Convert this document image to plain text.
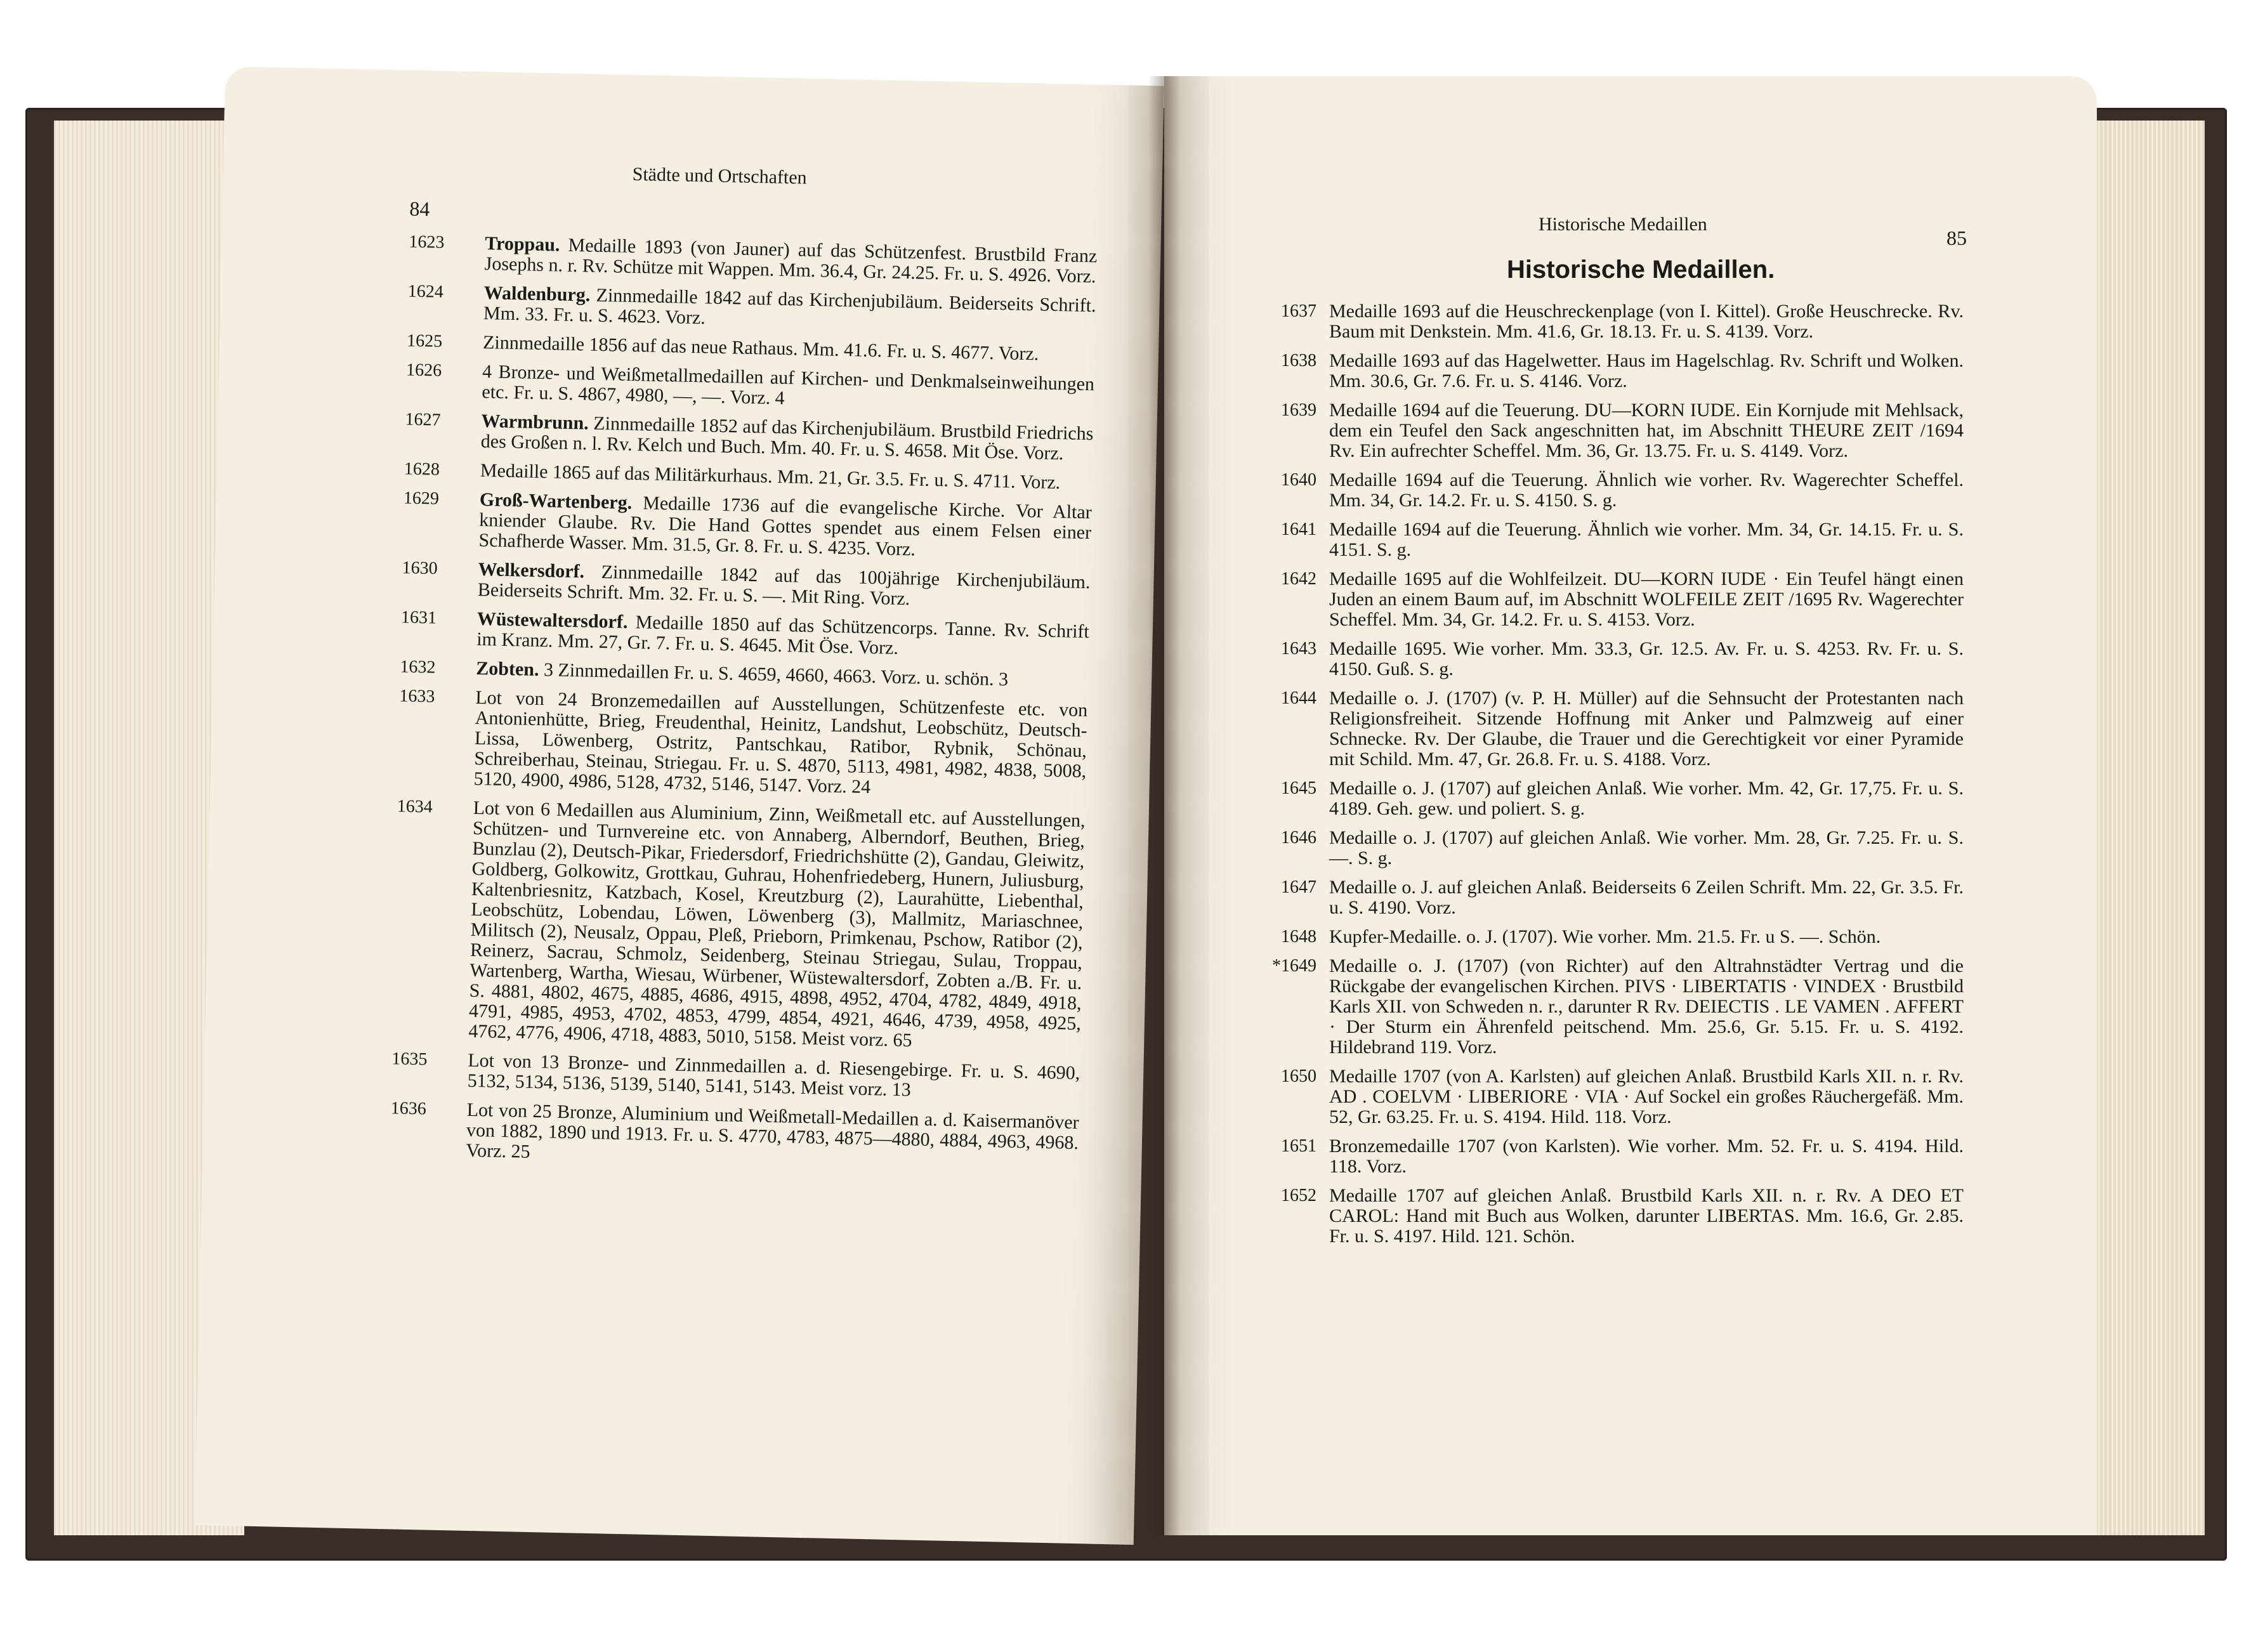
84
Städte und Ortschaften
1623	Troppau. Medaille 1893 (von Jauner) auf das Schützenfest. Brustbild Franz Josephs n. r. Rv. Schütze mit Wappen. Mm. 36.4, Gr. 24.25. Fr. u. S. 4926. Vorz.
1624	Waldenburg. Zinnmedaille 1842 auf das Kirchenjubiläum. Beiderseits Schrift. Mm. 33. Fr. u. S. 4623. Vorz.
1625	Zinnmedaille 1856 auf das neue Rathaus. Mm. 41.6. Fr. u. S. 4677. Vorz.
1626	4 Bronze- und Weißmetallmedaillen auf Kirchen- und Denkmalseinweihungen etc. Fr. u. S. 4867, 4980, —, —. Vorz. 4
1627	Warmbrunn. Zinnmedaille 1852 auf das Kirchenjubiläum. Brustbild Friedrichs des Großen n. l. Rv. Kelch und Buch. Mm. 40. Fr. u. S. 4658. Mit Öse. Vorz.
1628	Medaille 1865 auf das Militärkurhaus. Mm. 21, Gr. 3.5. Fr. u. S. 4711. Vorz.
1629	Groß-Wartenberg. Medaille 1736 auf die evangelische Kirche. Vor Altar kniender Glaube. Rv. Die Hand Gottes spendet aus einem Felsen einer Schafherde Wasser. Mm. 31.5, Gr. 8. Fr. u. S. 4235. Vorz.
1630	Welkersdorf. Zinnmedaille 1842 auf das 100jährige Kirchenjubiläum. Beiderseits Schrift. Mm. 32. Fr. u. S. —. Mit Ring. Vorz.
1631	Wüstewaltersdorf. Medaille 1850 auf das Schützencorps. Tanne. Rv. Schrift im Kranz. Mm. 27, Gr. 7. Fr. u. S. 4645. Mit Öse. Vorz.
1632	Zobten. 3 Zinnmedaillen Fr. u. S. 4659, 4660, 4663. Vorz. u. schön. 3
1633	Lot von 24 Bronzemedaillen auf Ausstellungen, Schützenfeste etc. von Antonienhütte, Brieg, Freudenthal, Heinitz, Landshut, Leobschütz, Deutsch-Lissa, Löwenberg, Ostritz, Pantschkau, Ratibor, Rybnik, Schönau, Schreiberhau, Steinau, Striegau. Fr. u. S. 4870, 5113, 4981, 4982, 4838, 5008, 5120, 4900, 4986, 5128, 4732, 5146, 5147. Vorz. 24
1634	Lot von 6 Medaillen aus Aluminium, Zinn, Weißmetall etc. auf Ausstellungen, Schützen- und Turnvereine etc. von Annaberg, Alberndorf, Beuthen, Brieg, Bunzlau (2), Deutsch-Pikar, Friedersdorf, Friedrichshütte (2), Gandau, Gleiwitz, Goldberg, Golkowitz, Grottkau, Guhrau, Hohenfriedeberg, Hunern, Juliusburg, Kaltenbriesnitz, Katzbach, Kosel, Kreutzburg (2), Laurahütte, Liebenthal, Leobschütz, Lobendau, Löwen, Löwenberg (3), Mallmitz, Mariaschnee, Militsch (2), Neusalz, Oppau, Pleß, Prieborn, Primkenau, Pschow, Ratibor (2), Reinerz, Sacrau, Schmolz, Seidenberg, Steinau Striegau, Sulau, Troppau, Wartenberg, Wartha, Wiesau, Würbener, Wüstewaltersdorf, Zobten a./B. Fr. u. S. 4881, 4802, 4675, 4885, 4686, 4915, 4898, 4952, 4704, 4782, 4849, 4918, 4791, 4985, 4953, 4702, 4853, 4799, 4854, 4921, 4646, 4739, 4958, 4925, 4762, 4776, 4906, 4718, 4883, 5010, 5158. Meist vorz. 65
1635	Lot von 13 Bronze- und Zinnmedaillen a. d. Riesengebirge. Fr. u. S. 4690, 5132, 5134, 5136, 5139, 5140, 5141, 5143. Meist vorz. 13
1636	Lot von 25 Bronze, Aluminium und Weißmetall-Medaillen a. d. Kaisermanöver von 1882, 1890 und 1913. Fr. u. S. 4770, 4783, 4875—4880, 4884, 4963, 4968. Vorz. 25
Historische Medaillen
85
Historische Medaillen.
1637 Medaille 1693 auf die Heuschreckenplage (von I. Kittel). Große Heuschrecke. Rv. Baum mit Denkstein. Mm. 41.6, Gr. 18.13. Fr. u. S. 4139. Vorz.
1638 Medaille 1693 auf das Hagelwetter. Haus im Hagelschlag. Rv. Schrift und Wolken. Mm. 30.6, Gr. 7.6. Fr. u. S. 4146. Vorz.
1639 Medaille 1694 auf die Teuerung. DU—KORN IUDE. Ein Kornjude mit Mehlsack, dem ein Teufel den Sack angeschnitten hat, im Abschnitt THEURE ZEIT /1694 Rv. Ein aufrechter Scheffel. Mm. 36, Gr. 13.75. Fr. u. S. 4149. Vorz.
1640 Medaille 1694 auf die Teuerung. Ähnlich wie vorher. Rv. Wagerechter Scheffel. Mm. 34, Gr. 14.2. Fr. u. S. 4150. S. g.
1641 Medaille 1694 auf die Teuerung. Ähnlich wie vorher. Mm. 34, Gr. 14.15. Fr. u. S. 4151. S. g.
1642 Medaille 1695 auf die Wohlfeilzeit. DU—KORN IUDE · Ein Teufel hängt einen Juden an einem Baum auf, im Abschnitt WOLFEILE ZEIT /1695 Rv. Wagerechter Scheffel. Mm. 34, Gr. 14.2. Fr. u. S. 4153. Vorz.
1643 Medaille 1695. Wie vorher. Mm. 33.3, Gr. 12.5. Av. Fr. u. S. 4253. Rv. Fr. u. S. 4150. Guß. S. g.
1644 Medaille o. J. (1707) (v. P. H. Müller) auf die Sehnsucht der Protestanten nach Religionsfreiheit. Sitzende Hoffnung mit Anker und Palmzweig auf einer Schnecke. Rv. Der Glaube, die Trauer und die Gerechtigkeit vor einer Pyramide mit Schild. Mm. 47, Gr. 26.8. Fr. u. S. 4188. Vorz.
1645 Medaille o. J. (1707) auf gleichen Anlaß. Wie vorher. Mm. 42, Gr. 17,75. Fr. u. S. 4189. Geh. gew. und poliert. S. g.
1646 Medaille o. J. (1707) auf gleichen Anlaß. Wie vorher. Mm. 28, Gr. 7.25. Fr. u. S. —. S. g.
1647 Medaille o. J. auf gleichen Anlaß. Beiderseits 6 Zeilen Schrift. Mm. 22, Gr. 3.5. Fr. u. S. 4190. Vorz.
1648 Kupfer-Medaille. o. J. (1707). Wie vorher. Mm. 21.5. Fr. u S. —. Schön.
*1649 Medaille o. J. (1707) (von Richter) auf den Altrahnstädter Vertrag und die Rückgabe der evangelischen Kirchen. PIVS · LIBERTATIS · VINDEX · Brustbild Karls XII. von Schweden n. r., darunter R Rv. DEIECTIS . LE VAMEN . AFFERT · Der Sturm ein Ährenfeld peitschend. Mm. 25.6, Gr. 5.15. Fr. u. S. 4192. Hildebrand 119. Vorz.
1650 Medaille 1707 (von A. Karlsten) auf gleichen Anlaß. Brustbild Karls XII. n. r. Rv. AD . COELVM · LIBERIORE · VIA · Auf Sockel ein großes Räuchergefäß. Mm. 52, Gr. 63.25. Fr. u. S. 4194. Hild. 118. Vorz.
1651 Bronzemedaille 1707 (von Karlsten). Wie vorher. Mm. 52. Fr. u. S. 4194. Hild. 118. Vorz.
1652 Medaille 1707 auf gleichen Anlaß. Brustbild Karls XII. n. r. Rv. A DEO ET CAROL: Hand mit Buch aus Wolken, darunter LIBERTAS. Mm. 16.6, Gr. 2.85. Fr. u. S. 4197. Hild. 121. Schön.
